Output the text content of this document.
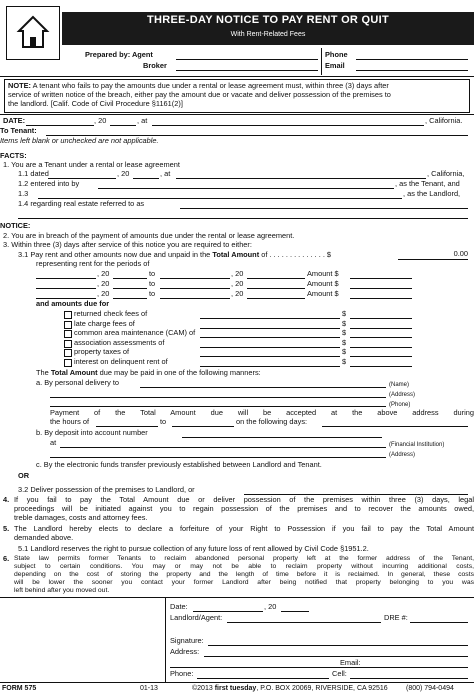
THREE-DAY NOTICE TO PAY RENT OR QUIT
With Rent-Related Fees
Prepared by: Agent
Broker
Phone
Email
NOTE: A tenant who fails to pay the amounts due under a rental or lease agreement must, within three (3) days after
service of written notice of the breach, either pay the amount due or vacate and deliver possession of the premises to
the landlord. [Calif. Code of Civil Procedure §1161(2)]
DATE:	, 20	, at	, California.
To Tenant:
Items left blank or unchecked are not applicable.
FACTS:
1. You are a Tenant under a rental or lease agreement
1.1 dated	, 20	, at	, California,
1.2 entered into by	, as the Tenant, and
1.3	, as the Landlord,
1.4 regarding real estate referred to as
NOTICE:
2. You are in breach of the payment of amounts due under the rental or lease agreement.
3. Within three (3) days after service of this notice you are required to either:
3.1 Pay rent and other amounts now due and unpaid in the Total Amount of . . . . . . . . . . . . . . $	0.00
representing rent for the periods of
, 20	to	, 20	Amount $
, 20	to	, 20	Amount $
, 20	to	, 20	Amount $
and amounts due for
returned check fees of	$
late charge fees of	$
common area maintenance (CAM) of	$
association assessments of	$
property taxes of	$
interest on delinquent rent of	$
The Total Amount due may be paid in one of the following manners:
a. By personal delivery to	(Name)
(Address)
(Phone)
Payment of the Total Amount due will be accepted at the above address during
the hours of	to	on the following days:
b. By deposit into account number
at	(Financial Institution)
(Address)
c. By the electronic funds transfer previously established between Landlord and Tenant.
OR
3.2 Deliver possession of the premises to Landlord, or
4. If you fail to pay the Total Amount due or deliver possession of the premises within three (3) days, legal
proceedings will be initiated against you to regain possession of the premises and to recover the amounts owed,
treble damages, costs and attorney fees.
5. The Landlord hereby elects to declare a forfeiture of your Right to Possession if you fail to pay the Total Amount
demanded above.
5.1 Landlord reserves the right to pursue collection of any future loss of rent allowed by Civil Code §1951.2.
6. State law permits former Tenants to reclaim abandoned personal property left at the former address of the Tenant,
subject to certain conditions. You may or may not be able to reclaim property without incurring additional costs,
depending on the cost of storing the property and the length of time before it is reclaimed. In general, these costs
will be lower the sooner you contact your former Landlord after being notified that property belonging to you was
left behind after you moved out.
Date:	, 20
Landlord/Agent:	DRE #:
Signature:
Address:
Phone:	Cell:
Email:
FORM 575	01-13	©2013 first tuesday, P.O. BOX 20069, RIVERSIDE, CA 92516	(800) 794-0494
